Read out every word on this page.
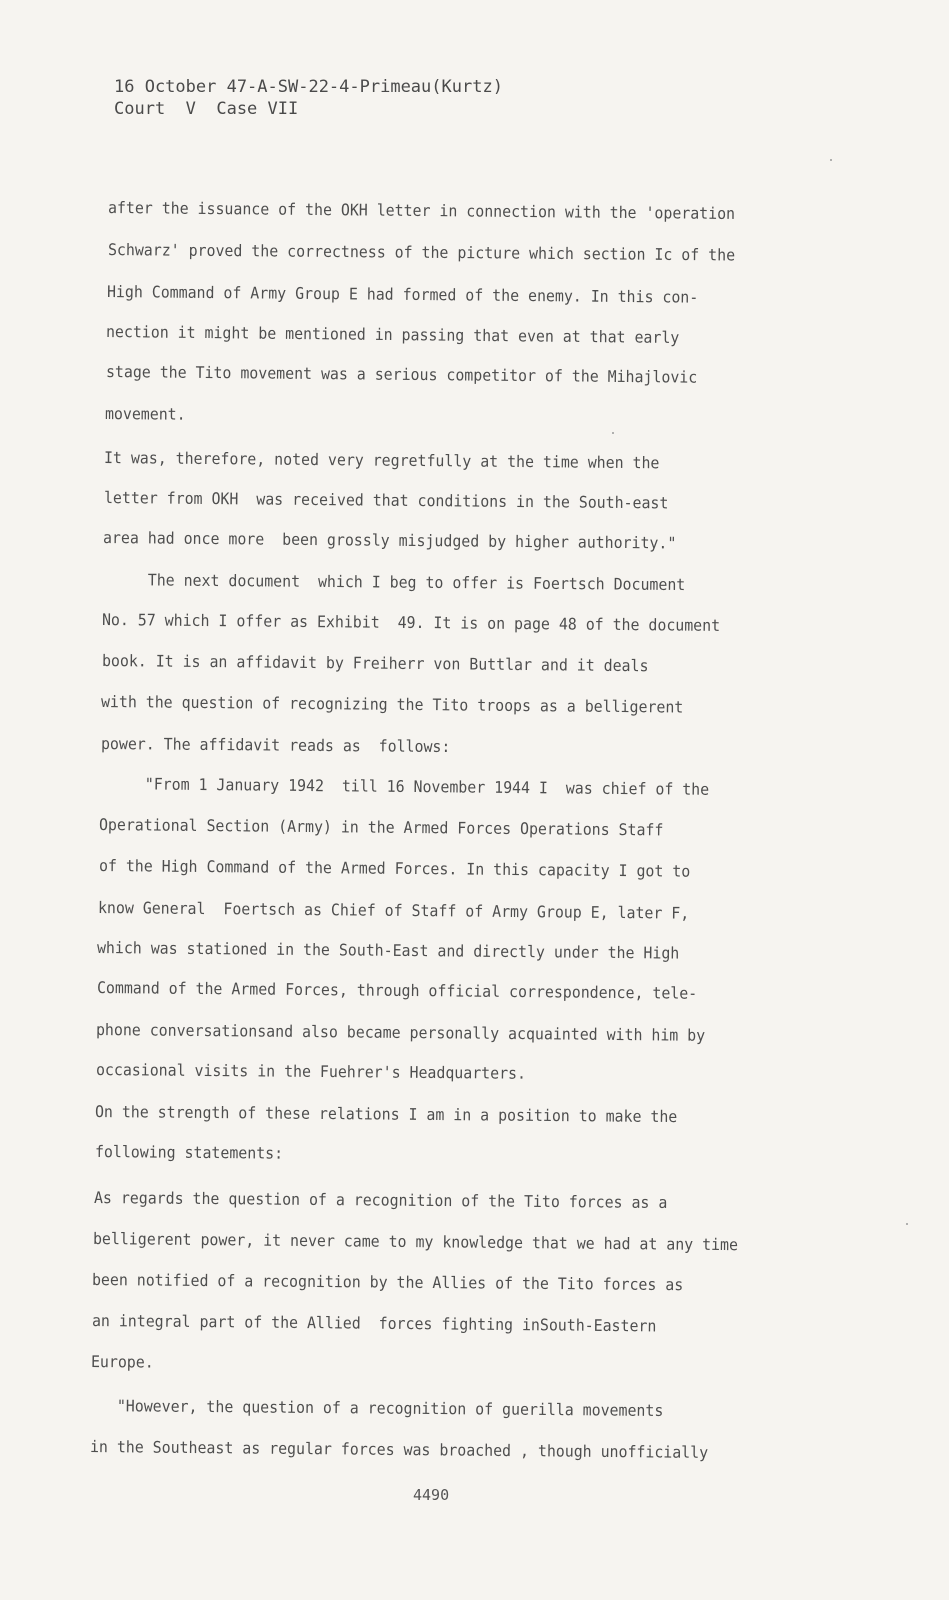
16 October 47-A-SW-22-4-Primeau(Kurtz)
Court  V  Case VII
after the issuance of the OKH letter in connection with the 'operation
Schwarz' proved the correctness of the picture which section Ic of the
High Command of Army Group E had formed of the enemy. In this con-
nection it might be mentioned in passing that even at that early
stage the Tito movement was a serious competitor of the Mihajlovic
movement.
It was, therefore, noted very regretfully at the time when the
letter from OKH  was received that conditions in the South-east
area had once more  been grossly misjudged by higher authority."
The next document  which I beg to offer is Foertsch Document
No. 57 which I offer as Exhibit  49. It is on page 48 of the document
book. It is an affidavit by Freiherr von Buttlar and it deals
with the question of recognizing the Tito troops as a belligerent
power. The affidavit reads as  follows:
"From 1 January 1942  till 16 November 1944 I  was chief of the
Operational Section (Army) in the Armed Forces Operations Staff
of the High Command of the Armed Forces. In this capacity I got to
know General  Foertsch as Chief of Staff of Army Group E, later F,
which was stationed in the South-East and directly under the High
Command of the Armed Forces, through official correspondence, tele-
phone conversationsand also became personally acquainted with him by
occasional visits in the Fuehrer's Headquarters.
On the strength of these relations I am in a position to make the
following statements:
As regards the question of a recognition of the Tito forces as a
belligerent power, it never came to my knowledge that we had at any time
been notified of a recognition by the Allies of the Tito forces as
an integral part of the Allied  forces fighting inSouth-Eastern
Europe.
"However, the question of a recognition of guerilla movements
in the Southeast as regular forces was broached , though unofficially
4490
